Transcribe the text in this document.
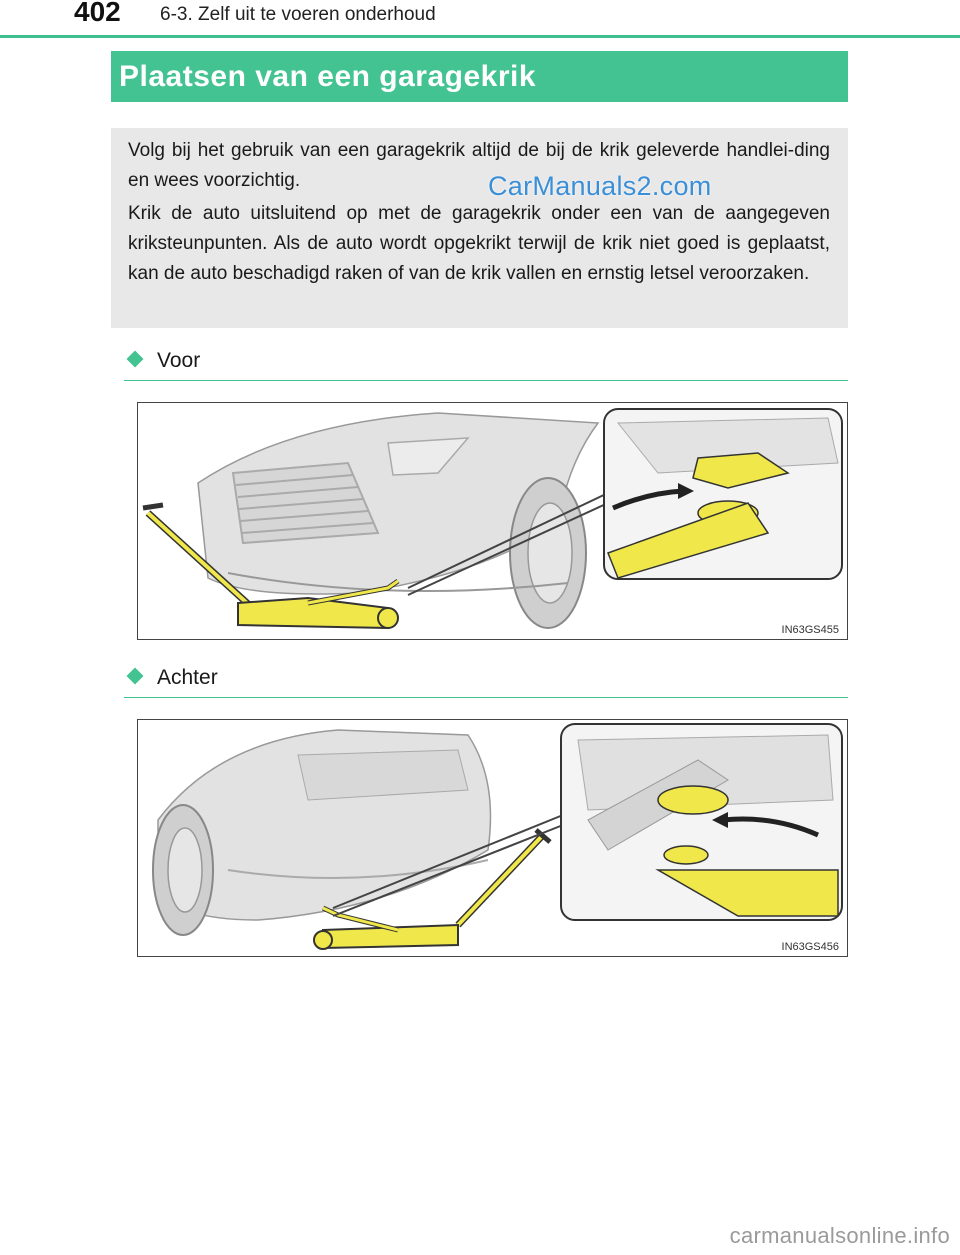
402 6-3. Zelf uit te voeren onderhoud
Plaatsen van een garagekrik

Volg bij het gebruik van een garagekrik altijd de bij de krik geleverde handlei-ding en wees voorzichtig.

Krik de auto uitsluitend op met de garagekrik onder een van de aangegeven kriksteunpunten. Als de auto wordt opgekrikt terwijl de krik niet goed is geplaatst, kan de auto beschadigd raken of van de krik vallen en ernstig letsel veroorzaken.

CarManuals2.com
Voor
IN63GS455
Achter
IN63GS456
carmanualsonline.info
